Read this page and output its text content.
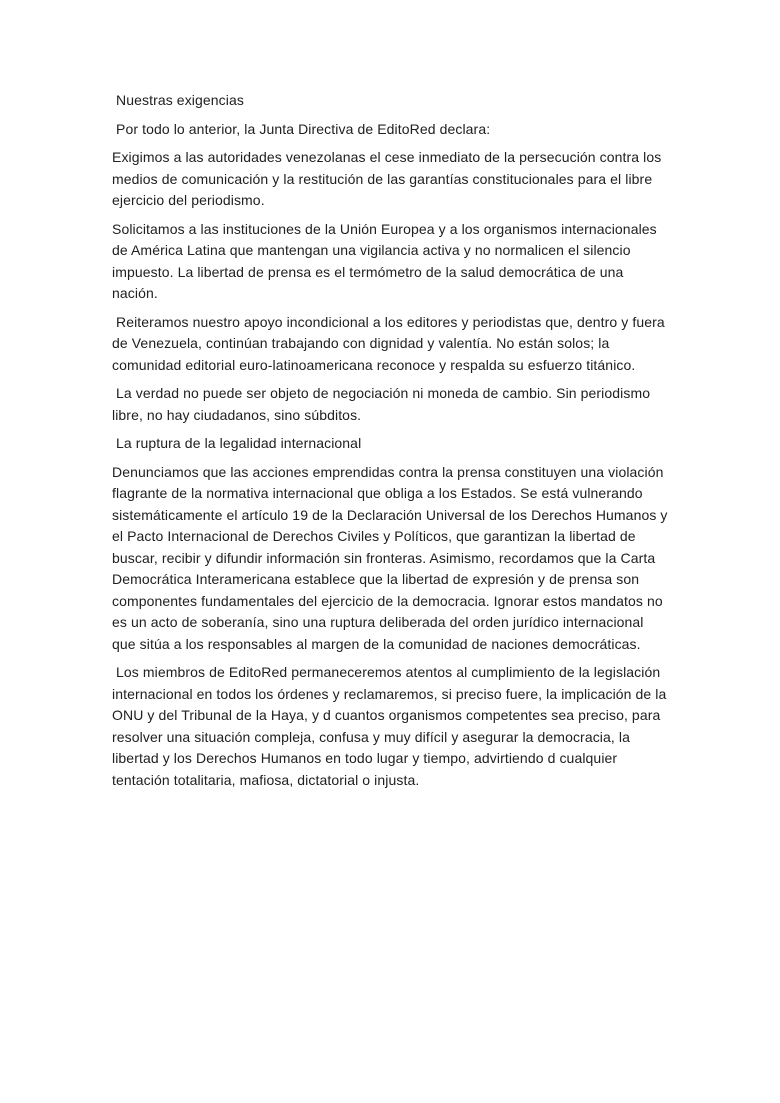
Nuestras exigencias

Por todo lo anterior, la Junta Directiva de EditoRed declara:

Exigimos a las autoridades venezolanas el cese inmediato de la persecución contra los medios de comunicación y la restitución de las garantías constitucionales para el libre ejercicio del periodismo.

Solicitamos a las instituciones de la Unión Europea y a los organismos internacionales de América Latina que mantengan una vigilancia activa y no normalicen el silencio impuesto. La libertad de prensa es el termómetro de la salud democrática de una nación.

Reiteramos nuestro apoyo incondicional a los editores y periodistas que, dentro y fuera de Venezuela, continúan trabajando con dignidad y valentía. No están solos; la comunidad editorial euro-latinoamericana reconoce y respalda su esfuerzo titánico.

La verdad no puede ser objeto de negociación ni moneda de cambio. Sin periodismo libre, no hay ciudadanos, sino súbditos.

La ruptura de la legalidad internacional

Denunciamos que las acciones emprendidas contra la prensa constituyen una violación flagrante de la normativa internacional que obliga a los Estados. Se está vulnerando sistemáticamente el artículo 19 de la Declaración Universal de los Derechos Humanos y el Pacto Internacional de Derechos Civiles y Políticos, que garantizan la libertad de buscar, recibir y difundir información sin fronteras. Asimismo, recordamos que la Carta Democrática Interamericana establece que la libertad de expresión y de prensa son componentes fundamentales del ejercicio de la democracia. Ignorar estos mandatos no es un acto de soberanía, sino una ruptura deliberada del orden jurídico internacional que sitúa a los responsables al margen de la comunidad de naciones democráticas.

Los miembros de EditoRed permaneceremos atentos al cumplimiento de la legislación internacional en todos los órdenes y reclamaremos, si preciso fuere, la implicación de la ONU y del Tribunal de la Haya, y d cuantos organismos competentes sea preciso, para resolver una situación compleja, confusa y muy difícil y asegurar la democracia, la libertad y los Derechos Humanos en todo lugar y tiempo, advirtiendo d cualquier tentación totalitaria, mafiosa, dictatorial o injusta.
